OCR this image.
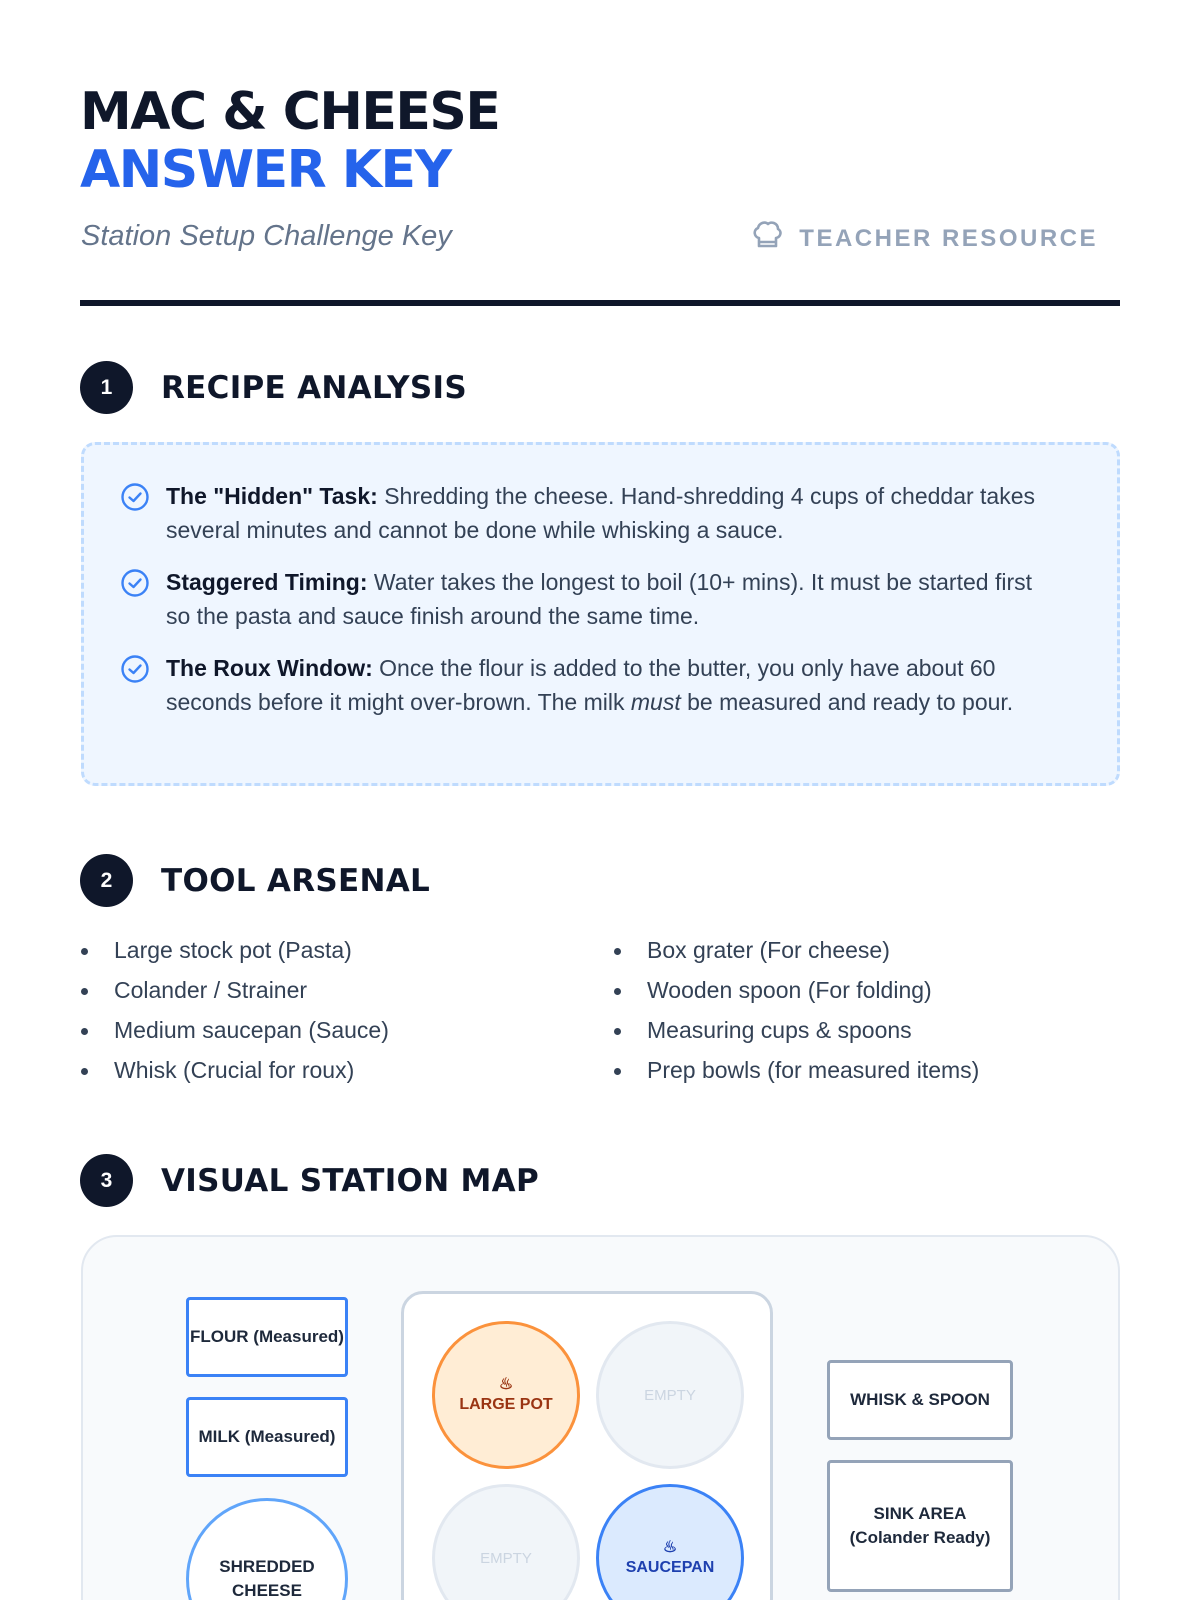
MAC & CHEESE
ANSWER KEY
Station Setup Challenge Key	TEACHER RESOURCE
1	RECIPE ANALYSIS
The "Hidden" Task: Shredding the cheese. Hand-shredding 4 cups of cheddar takes several minutes and cannot be done while whisking a sauce.
Staggered Timing: Water takes the longest to boil (10+ mins). It must be started first so the pasta and sauce finish around the same time.
The Roux Window: Once the flour is added to the butter, you only have about 60 seconds before it might over-brown. The milk must be measured and ready to pour.
2	TOOL ARSENAL
Large stock pot (Pasta)
Colander / Strainer
Medium saucepan (Sauce)
Whisk (Crucial for roux)
Box grater (For cheese)
Wooden spoon (For folding)
Measuring cups & spoons
Prep bowls (for measured items)
3	VISUAL STATION MAP
FLOUR (Measured)
MILK (Measured)
SHREDDED CHEESE
♨
LARGE POT
EMPTY
EMPTY
♨
SAUCEPAN
WHISK & SPOON
SINK AREA
(Colander Ready)
